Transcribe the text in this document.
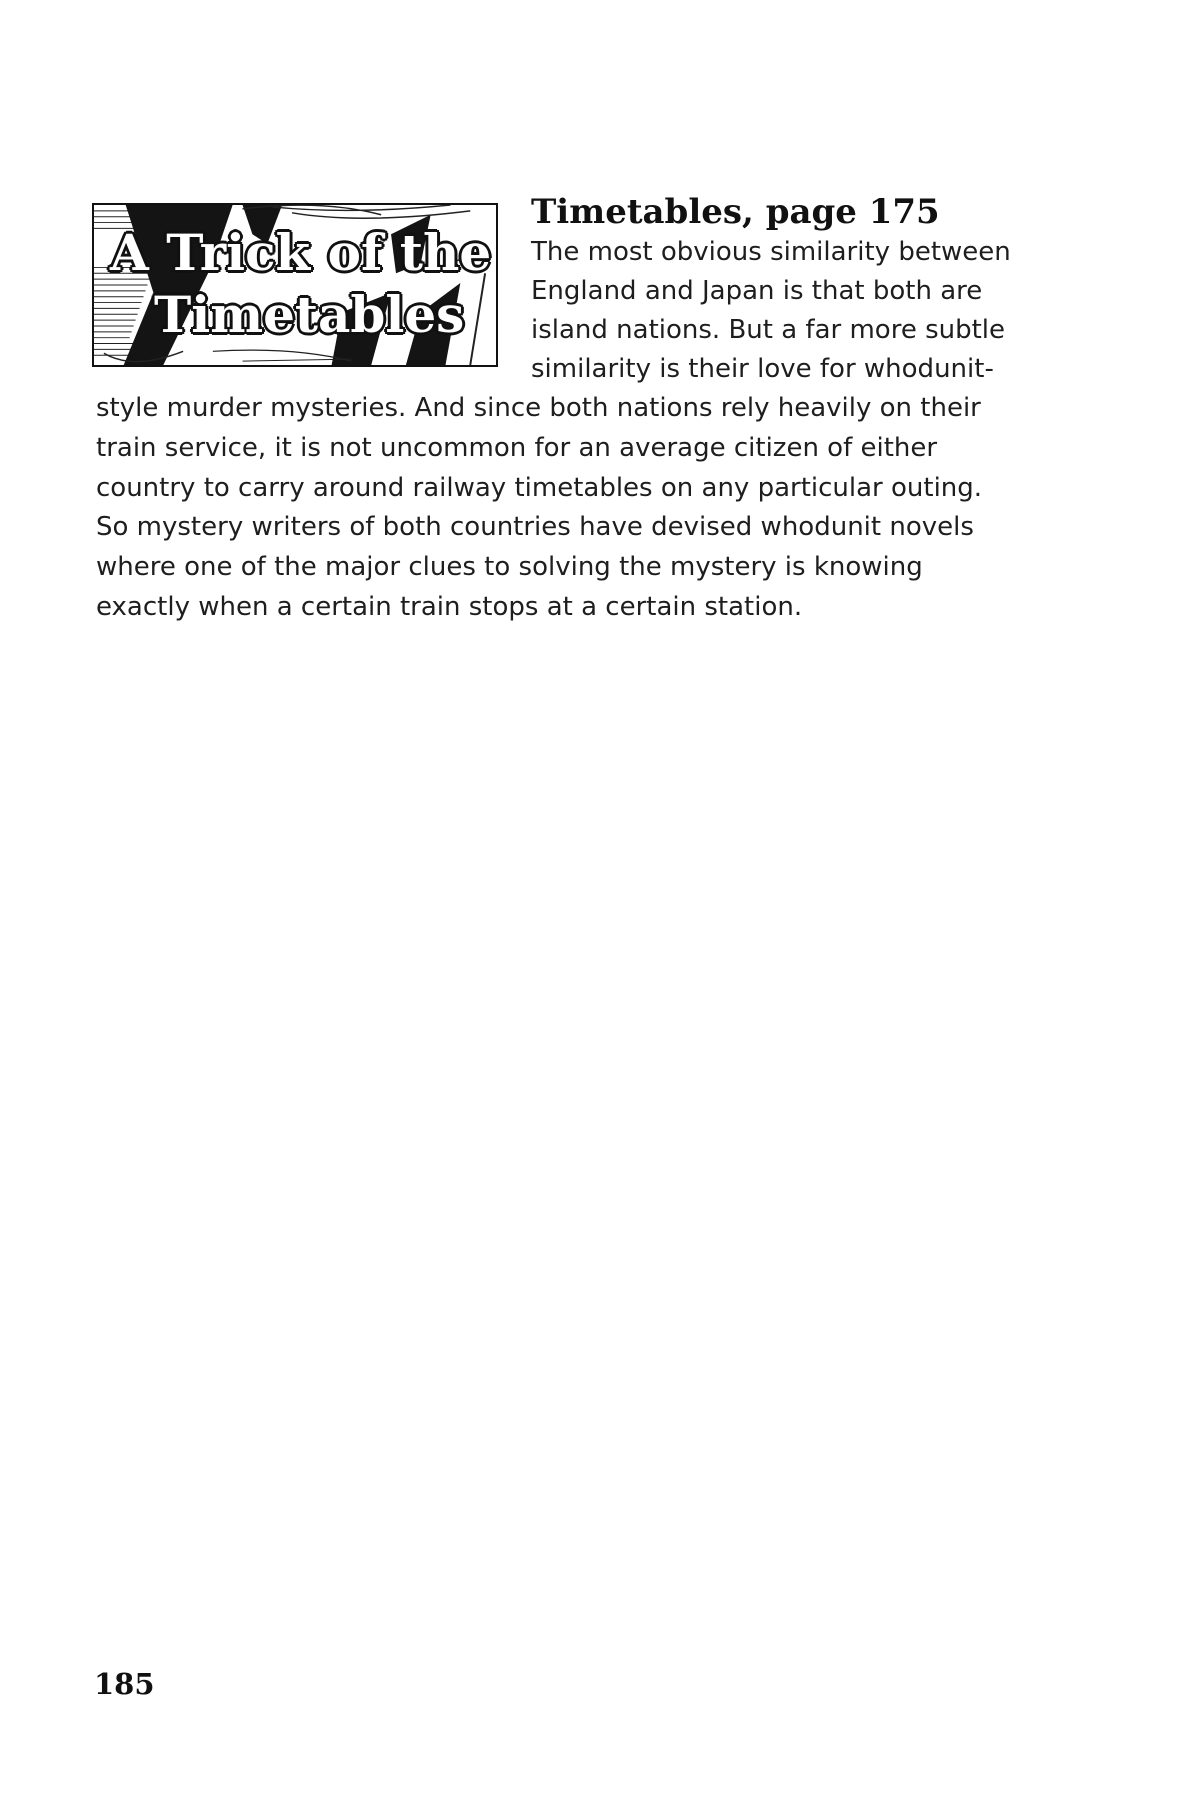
A Trick of the
Timetables
Timetables, page 175
The most obvious similarity between
England and Japan is that both are
island nations. But a far more subtle
similarity is their love for whodunit-
style murder mysteries. And since both nations rely heavily on their
train service, it is not uncommon for an average citizen of either
country to carry around railway timetables on any particular outing.
So mystery writers of both countries have devised whodunit novels
where one of the major clues to solving the mystery is knowing
exactly when a certain train stops at a certain station.
185
